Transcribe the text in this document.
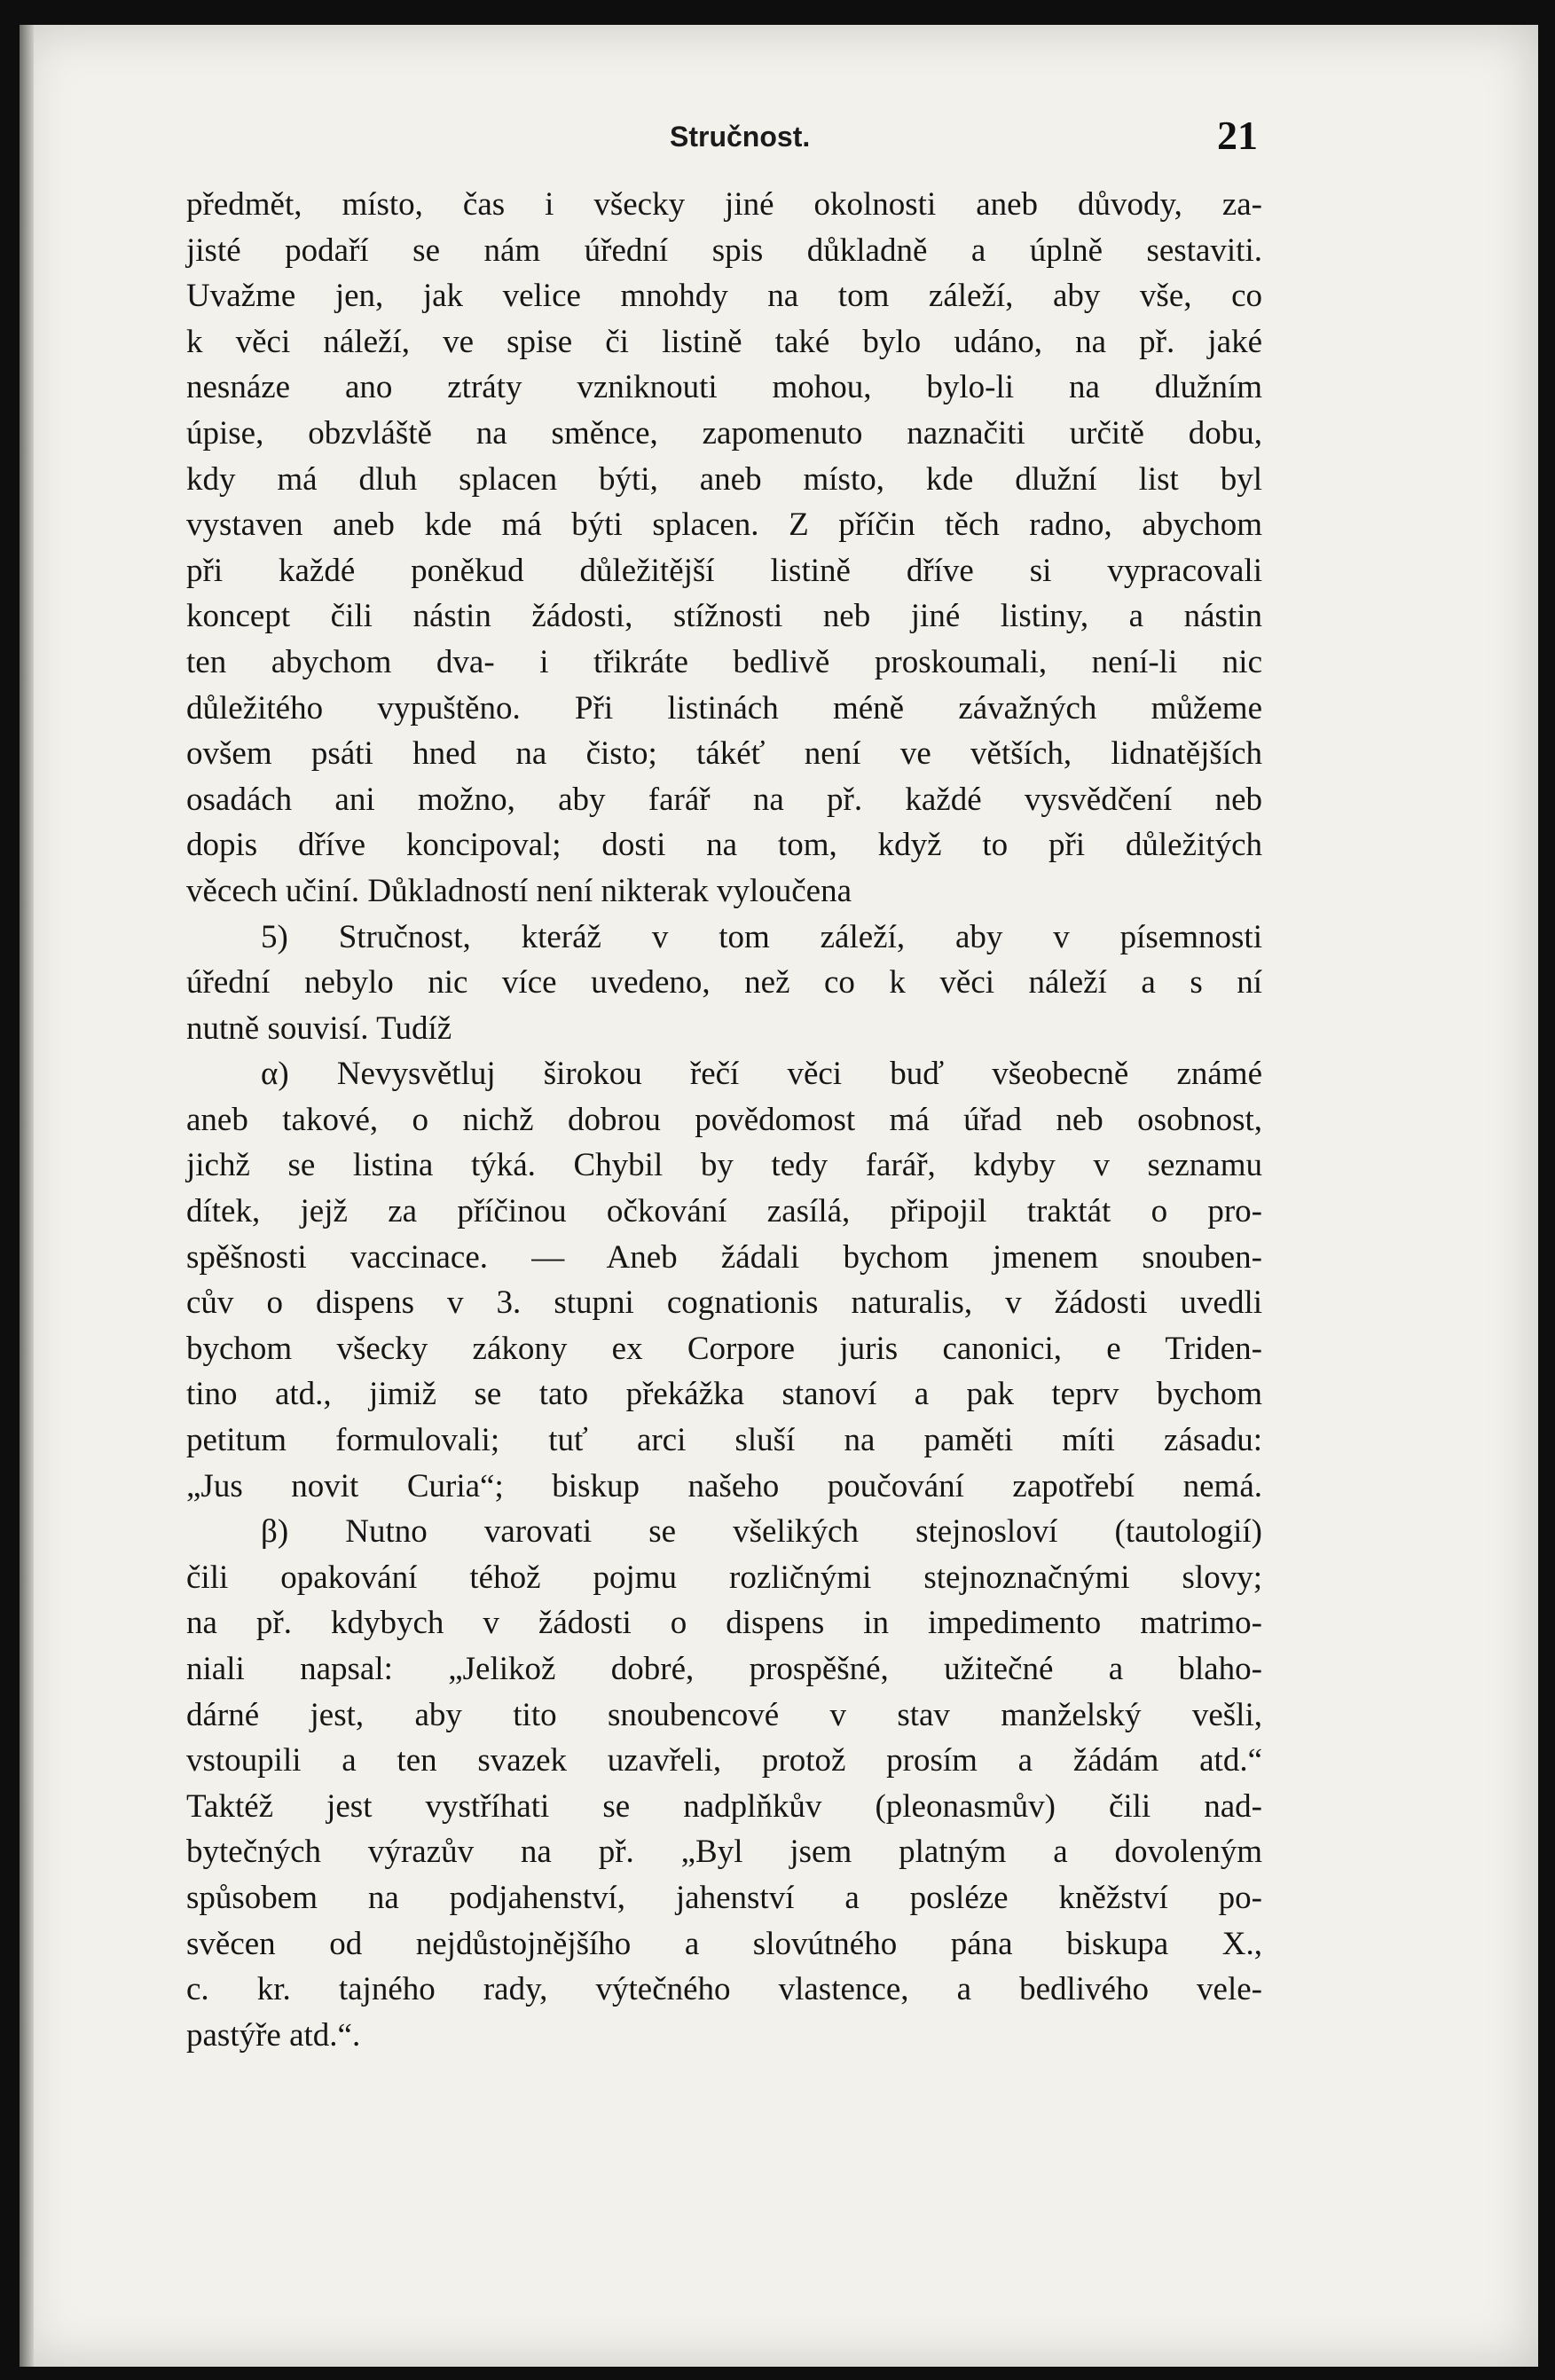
Stručnost.	21
předmět, místo, čas i všecky jiné okolnosti aneb důvody, za-
jisté podaří se nám úřední spis důkladně a úplně sestaviti.
Uvažme jen, jak velice mnohdy na tom záleží, aby vše, co
k věci náleží, ve spise či listině také bylo udáno, na př. jaké
nesnáze ano ztráty vzniknouti mohou, bylo-li na dlužním
úpise, obzvláště na směnce, zapomenuto naznačiti určitě dobu,
kdy má dluh splacen býti, aneb místo, kde dlužní list byl
vystaven aneb kde má býti splacen. Z příčin těch radno, abychom
při každé poněkud důležitější listině dříve si vypracovali
koncept čili nástin žádosti, stížnosti neb jiné listiny, a nástin
ten abychom dva- i třikráte bedlivě proskoumali, není-li nic
důležitého vypuštěno. Při listinách méně závažných můžeme
ovšem psáti hned na čisto; tákéť není ve větších, lidnatějších
osadách ani možno, aby farář na př. každé vysvědčení neb
dopis dříve koncipoval; dosti na tom, když to při důležitých
věcech učiní. Důkladností není nikterak vyloučena
5) Stručnost, kteráž v tom záleží, aby v písemnosti
úřední nebylo nic více uvedeno, než co k věci náleží a s ní
nutně souvisí. Tudíž
α) Nevysvětluj širokou řečí věci buď všeobecně známé
aneb takové, o nichž dobrou povědomost má úřad neb osobnost,
jichž se listina týká. Chybil by tedy farář, kdyby v seznamu
dítek, jejž za příčinou očkování zasílá, připojil traktát o pro-
spěšnosti vaccinace. — Aneb žádali bychom jmenem snouben-
cův o dispens v 3. stupni cognationis naturalis, v žádosti uvedli
bychom všecky zákony ex Corpore juris canonici, e Triden-
tino atd., jimiž se tato překážka stanoví a pak teprv bychom
petitum formulovali; tuť arci sluší na paměti míti zásadu:
„Jus novit Curia“; biskup našeho poučování zapotřebí nemá.
β) Nutno varovati se všelikých stejnosloví (tautologií)
čili opakování téhož pojmu rozličnými stejnoznačnými slovy;
na př. kdybych v žádosti o dispens in impedimento matrimo-
niali napsal: „Jelikož dobré, prospěšné, užitečné a blaho-
dárné jest, aby tito snoubencové v stav manželský vešli,
vstoupili a ten svazek uzavřeli, protož prosím a žádám atd.“
Taktéž jest vystříhati se nadplňkův (pleonasmův) čili nad-
bytečných výrazův na př. „Byl jsem platným a dovoleným
spůsobem na podjahenství, jahenství a posléze kněžství po-
svěcen od nejdůstojnějšího a slovútného pána biskupa X.,
c. kr. tajného rady, výtečného vlastence, a bedlivého vele-
pastýře atd.“.
